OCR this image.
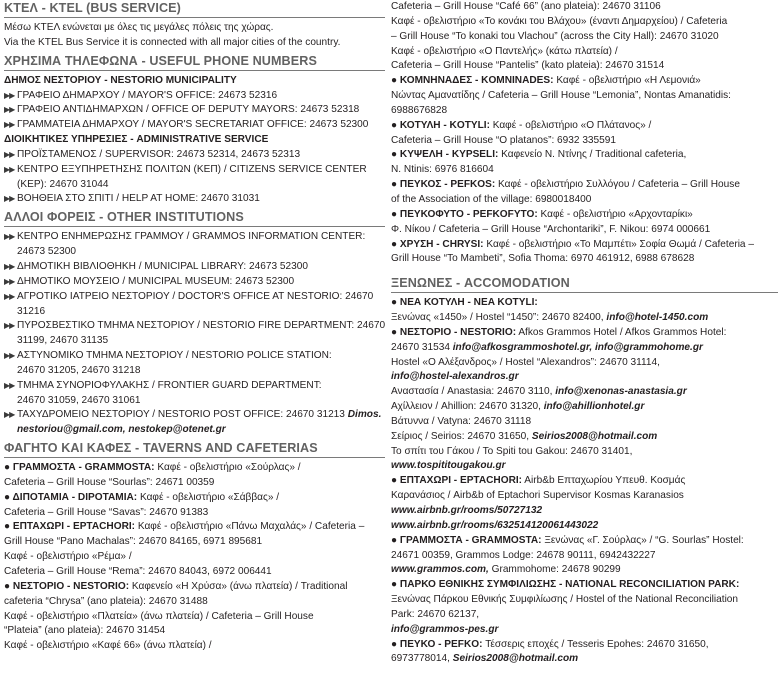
ΚΤΕΛ - KTEL (BUS SERVICE)
Μέσω ΚΤΕΛ ενώνεται με όλες τις μεγάλες πόλεις της χώρας.
Via the KTEL Bus Service it is connected with all major cities of the country.
ΧΡΗΣΙΜΑ ΤΗΛΕΦΩΝΑ - USEFUL PHONE NUMBERS
ΔΗΜΟΣ ΝΕΣΤΟΡΙΟΥ - NESTORIO MUNICIPALITY
▶▶ ΓΡΑΦΕΙΟ ΔΗΜΑΡΧΟΥ / MAYOR'S OFFICE: 24673 52316
▶▶ ΓΡΑΦΕΙΟ ΑΝΤΙΔΗΜΑΡΧΩΝ / OFFICE OF DEPUTY MAYORS: 24673 52318
▶▶ ΓΡΑΜΜΑΤΕΙΑ ΔΗΜΑΡΧΟΥ / MAYOR'S SECRETARIAT OFFICE: 24673 52300
ΔΙΟΙΚΗΤΙΚΕΣ ΥΠΗΡΕΣΙΕΣ - ADMINISTRATIVE SERVICE
▶▶ ΠΡΟΪΣΤΑΜΕΝΟΣ / SUPERVISOR: 24673 52314, 24673 52313
▶▶ ΚΕΝΤΡΟ ΕΞΥΠΗΡΕΤΗΣΗΣ ΠΟΛΙΤΩΝ (ΚΕΠ) / CITIZENS SERVICE CENTER
(ΚΕΡ): 24670 31044
▶▶ ΒΟΗΘΕΙΑ ΣΤΟ ΣΠΙΤΙ / HELP AT HOME: 24670 31031
ΑΛΛΟΙ ΦΟΡΕΙΣ - OTHER INSTITUTIONS
▶▶ ΚΕΝΤΡΟ ΕΝΗΜΕΡΩΣΗΣ ΓΡΑΜΜΟΥ / GRAMMOS INFORMATION CENTER:
24673 52300
▶▶ ΔΗΜΟΤΙΚΗ ΒΙΒΛΙΟΘΗΚΗ / MUNICIPAL LIBRARY: 24673 52300
▶▶ ΔΗΜΟΤΙΚΟ ΜΟΥΣΕΙΟ / MUNICIPAL MUSEUM: 24673 52300
▶▶ ΑΓΡΟΤΙΚΟ ΙΑΤΡΕΙΟ ΝΕΣΤΟΡΙΟΥ / DOCTOR'S OFFICE AT NESTORIO: 24670
31216
▶▶ ΠΥΡΟΣΒΕΣΤΙΚΟ ΤΜΗΜΑ ΝΕΣΤΟΡΙΟΥ / NESTORIO FIRE DEPARTMENT: 24670
31199, 24670 31135
▶▶ ΑΣΤΥΝΟΜΙΚΟ ΤΜΗΜΑ ΝΕΣΤΟΡΙΟΥ / NESTORIO POLICE STATION:
24670 31205, 24670 31218
▶▶ ΤΜΗΜΑ ΣΥΝΟΡΙΟΦΥΛΑΚΗΣ / FRONTIER GUARD DEPARTMENT:
24670 31059, 24670 31061
▶▶ ΤΑΧΥΔΡΟΜΕΙΟ ΝΕΣΤΟΡΙΟΥ / NESTORIO POST OFFICE: 24670 31213 Dimos.
nestoriou@gmail.com, nestokep@otenet.gr
ΦΑΓΗΤΟ ΚΑΙ ΚΑΦΕΣ - TAVERNS AND CAFETERIAS
● ΓΡΑΜΜΟΣΤΑ - GRAMMOSTA: Καφέ - οβελιστήριο «Σούρλας» /
Cafeteria – Grill House “Sourlas”: 24671 00359
● ΔΙΠΟΤΑΜΙΑ - DIPOTAMIA: Καφέ - οβελιστήριο «Σάββας» /
Cafeteria – Grill House “Savas”: 24670 91383
● ΕΠΤΑΧΩΡΙ - EPTACHORI: Καφέ - οβελιστήριο «Πάνω Μαχαλάς» / Cafeteria –
Grill House “Pano Machalas”: 24670 84165, 6971 895681
Καφέ - οβελιστήριο «Ρέμα» /
Cafeteria – Grill House “Rema”: 24670 84043, 6972 006441
● ΝΕΣΤΟΡΙΟ - NESTORIO: Καφενείο «Η Χρύσα» (άνω πλατεία) / Traditional
cafeteria “Chrysa” (ano plateia): 24670 31488
Καφέ - οβελιστήριο «Πλατεία» (άνω πλατεία) / Cafeteria – Grill House
“Plateia” (ano plateia): 24670 31454
Καφέ - οβελιστήριο «Καφέ 66» (άνω πλατεία) /
Cafeteria – Grill House “Café 66” (ano plateia): 24670 31106
Καφέ - οβελιστήριο «Το κονάκι του Βλάχου» (έναντι Δημαρχείου) / Cafeteria
– Grill House “To konaki tou Vlachou” (across the City Hall): 24670 31020
Καφέ - οβελιστήριο «Ο Παντελής» (κάτω πλατεία) /
Cafeteria – Grill House “Pantelis” (kato plateia): 24670 31514
● ΚΟΜΝΗΝΑΔΕΣ - KOMNINADES: Καφέ - οβελιστήριο «Η Λεμονιά»
Νώντας Αμανατίδης / Cafeteria – Grill House “Lemonia”, Nontas Amanatidis:
6988676828
● ΚΟΤΥΛΗ - KOTYLI: Καφέ - οβελιστήριο «Ο Πλάτανος» /
Cafeteria – Grill House “O platanos”: 6932 335591
● ΚΥΨΕΛΗ - KYPSELI: Καφενείο Ν. Ντίνης / Traditional cafeteria,
N. Ntinis: 6976 816604
● ΠΕΥΚΟΣ - PEFKOS: Καφέ - οβελιστήριο Συλλόγου / Cafeteria – Grill House
of the Association of the village: 6980018400
● ΠΕΥΚΟΦΥΤΟ - PEFKOFYTO: Καφέ - οβελιστήριο «Αρχονταρίκι»
Φ. Νίκου / Cafeteria – Grill House “Archontariki”, F. Nikou: 6974 000661
● ΧΡΥΣΗ - CHRYSI: Καφέ - οβελιστήριο «Το Μαμπέτι» Σοφία Θωμά / Cafeteria –
Grill House “To Mambeti”, Sofia Thoma: 6970 461912, 6988 678628
ΞΕΝΩΝΕΣ - ACCOMODATION
● ΝΕΑ ΚΟΤΥΛΗ - NEA KOTYLI:
Ξενώνας «1450» / Hostel “1450”: 24670 82400, info@hotel-1450.com
● ΝΕΣΤΟΡΙΟ - NESTORIO: Afkos Grammos Hotel / Afkos Grammos Hotel:
24670 31534 info@afkosgrammoshotel.gr, info@grammohome.gr
Hostel «Ο Αλέξανδρος» / Hostel “Alexandros”: 24670 31114,
info@hostel-alexandros.gr
Αναστασία / Anastasia: 24670 3110, info@xenonas-anastasia.gr
Αχίλλειον / Ahillion: 24670 31320, info@ahillionhotel.gr
Βάτυννα / Vatyna: 24670 31118
Σείριος / Seirios: 24670 31650, Seirios2008@hotmail.com
Το σπίτι του Γάκου / To Spiti tou Gakou: 24670 31401,
www.tospititougakou.gr
● ΕΠΤΑΧΩΡΙ - EPTACHORI: Airb&b Επταχωρίου Υπευθ. Κοσμάς
Καρανάσιος / Airb&b of Eptachori Supervisor Kosmas Karanasios
www.airbnb.gr/rooms/50727132
www.airbnb.gr/rooms/632514120061443022
● ΓΡΑΜΜΟΣΤΑ - GRAMMOSTA: Ξενώνας «Γ. Σούρλας» / “G. Sourlas” Hostel:
24671 00359, Grammos Lodge: 24678 90111, 6942432227
www.grammos.com, Grammohome: 24678 90299
● ΠΑΡΚΟ ΕΘΝΙΚΗΣ ΣΥΜΦΙΛΙΩΣΗΣ - NATIONAL RECONCILIATION PARK:
Ξενώνας Πάρκου Εθνικής Συμφιλίωσης / Hostel of the National Reconciliation
Park: 24670 62137,
info@grammos-pes.gr
● ΠΕΥΚΟ - PEFKO: Τέσσερις εποχές / Tesseris Epohes: 24670 31650,
6973778014, Seirios2008@hotmail.com
